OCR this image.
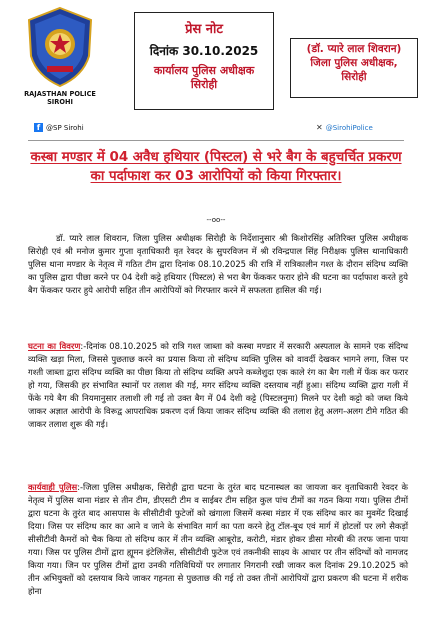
RAJASTHAN POLICE
SIROHI
प्रेस नोट
दिनांक 30.10.2025
कार्यालय पुलिस अधीक्षक
सिरोही
(डॉ. प्यारे लाल शिवरान)
जिला पुलिस अधीक्षक,
सिरोही
f @SP Sirohi	✕ @SirohiPolice
कस्बा मण्डार में 04 अवैध हथियार (पिस्टल) से भरे बैग के बहुचर्चित प्रकरण का पर्दाफाश कर 03 आरोपियों को किया गिरफ्तार।
--oo--

डॉ. प्यारे लाल शिवरान, जिला पुलिस अधीक्षक सिरोही के निर्देशानुसार श्री किशोरसिंह अतिरिक्त पुलिस अधीक्षक सिरोही एवं श्री मनोज कुमार गुप्ता वृताधिकारी वृत रेवदर के सुपरविजन में श्री रविन्द्रपाल सिंह निरीक्षक पुलिस थानाधिकारी पुलिस थाना मण्डार के नेतृत्व में गठित टीम द्वारा दिनांक 08.10.2025 की रात्रि में रात्रिकालीन गश्त के दौरान संदिग्ध व्यक्ति का पुलिस द्वारा पीछा करने पर 04 देशी कट्टे हथियार (पिस्टल) से भरा बैग फेंककर फरार होने की घटना का पर्दाफाश करते हुये बैग फेंककर फरार हुये आरोपी सहित तीन आरोपियों को गिरफ्तार करने में सफलता हासिल की गई।

घटना का विवरण:-दिनांक 08.10.2025 को रात्रि गश्त जाब्ता को कस्बा मण्डार में सरकारी अस्पताल के सामने एक संदिग्ध व्यक्ति खड़ा मिला, जिससे पुछताछ करने का प्रयास किया तो संदिग्ध व्यक्ति पुलिस को वावर्दी देखकर भागने लगा, जिस पर गश्ती जाब्ता द्वारा संदिग्ध व्यक्ति का पीछा किया तो संदिग्ध व्यक्ति अपने कब्जेशुदा एक काले रंग का बैग गली में फेंक कर फरार हो गया, जिसकी हर संभावित स्थानों पर तलाश की गई, मगर संदिग्ध व्यक्ति दस्तयाब नहीं हुआ। संदिग्ध व्यक्ति द्वारा गली में फेंके गये बैग की नियमानुसार तलाशी ली गई तो उक्त बैग में 04 देशी कट्टे (पिस्टलनुमा) मिलने पर देशी कट्टो को जब्त किये जाकर अज्ञात आरोपी के विरूद्व आपराधिक प्रकरण दर्ज किया जाकर संदिग्ध व्यक्ति की तलाश हेतु अलग-अलग टीमे गठित की जाकर तलाश शुरू की गई।

कार्यवाही पुलिस:-जिला पुलिस अधीक्षक, सिरोही द्वारा घटना के तुरंत बाद घटनास्थल का जायजा कर वृताधिकारी रेवदर के नेतृत्व में पुलिस थाना मंडार से तीन टीम, डीएसटी टीम व साईबर टीम सहित कुल पांच टीमों का गठन किया गया। पुलिस टीमों द्वारा घटना के तुरंत बाद आसपास के सीसीटीवी फुटेजों को खंगाला जिसमें कस्बा मंडार में एक संदिग्ध कार का मुवमेंट दिखाई दिया। जिस पर संदिग्ध कार का आने व जाने के संभावित मार्ग का पता करने हेतु टॉल-बूथ एवं मार्ग में होटलों पर लगे सैकड़ों सीसीटीवी कैमरों को चैक किया तो संदिग्ध कार में तीन व्यक्ति आबूरोड, करोटी, मंडार होकर डीसा मोरबी की तरफ जाना पाया गया। जिस पर पुलिस टीमों द्वारा ह्यूमन इंटेलिजेंस, सीसीटीवी फुटेज एवं तकनीकी साक्ष्य के आधार पर तीन संदिग्धों को नामजद किया गया। जिन पर पुलिस टीमों द्वारा उनकी गतिविधियों पर लगातार निगरानी रखी जाकर कल दिनांक 29.10.2025 को तीन अभियुक्तों को दस्तयाब किये जाकर गहनता से पुछताछ की गई तो उक्त तीनों आरोपियों द्वारा प्रकरण की घटना में शरीक होना
